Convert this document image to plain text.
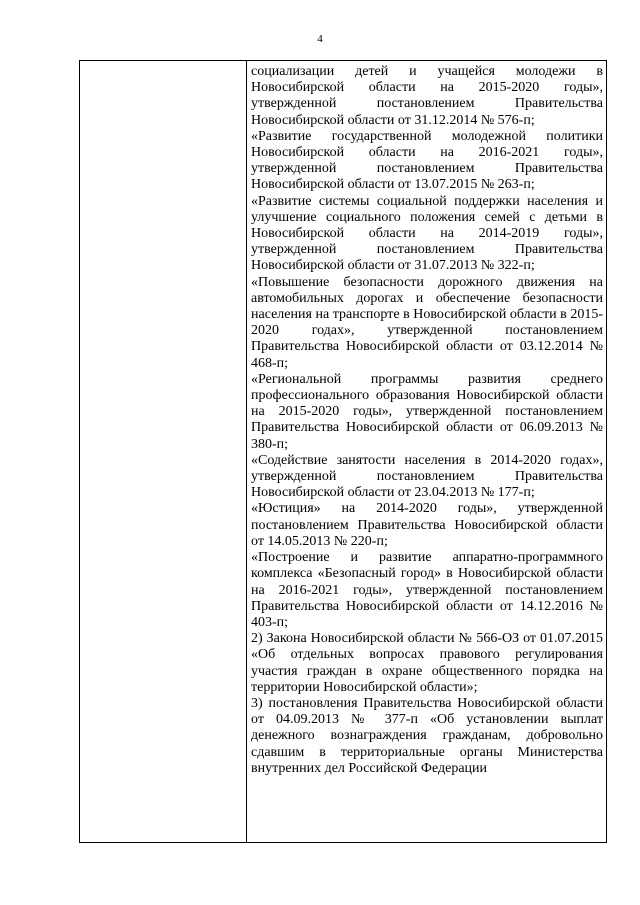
4

социализации детей и учащейся молодежи в Новосибирской области на 2015-2020 годы», утвержденной постановлением Правительства Новосибирской области от 31.12.2014 № 576-п;

«Развитие государственной молодежной политики Новосибирской области на 2016-2021 годы», утвержденной постановлением Правительства Новосибирской области от 13.07.2015 № 263-п;

«Развитие системы социальной поддержки населения и улучшение социального положения семей с детьми в Новосибирской области на 2014-2019 годы», утвержденной постановлением Правительства Новосибирской области от 31.07.2013 № 322-п;

«Повышение безопасности дорожного движения на автомобильных дорогах и обеспечение безопасности населения на транспорте в Новосибирской области в 2015-2020 годах», утвержденной постановлением Правительства Новосибирской области от 03.12.2014 № 468-п;

«Региональной программы развития среднего профессионального образования Новосибирской области на 2015-2020 годы», утвержденной постановлением Правительства Новосибирской области от 06.09.2013 № 380-п;

«Содействие занятости населения в 2014-2020 годах», утвержденной постановлением Правительства Новосибирской области от 23.04.2013 № 177-п;

«Юстиция» на 2014-2020 годы», утвержденной постановлением Правительства Новосибирской области от 14.05.2013 № 220-п;

«Построение и развитие аппаратно-программного комплекса «Безопасный город» в Новосибирской области на 2016-2021 годы», утвержденной постановлением Правительства Новосибирской области от 14.12.2016 № 403-п;

2) Закона Новосибирской области № 566-ОЗ от 01.07.2015 «Об отдельных вопросах правового регулирования участия граждан в охране общественного порядка на территории Новосибирской области»;

3) постановления Правительства Новосибирской области от 04.09.2013 № 377-п «Об установлении выплат денежного вознаграждения гражданам, добровольно сдавшим в территориальные органы Министерства внутренних дел Российской Федерации
